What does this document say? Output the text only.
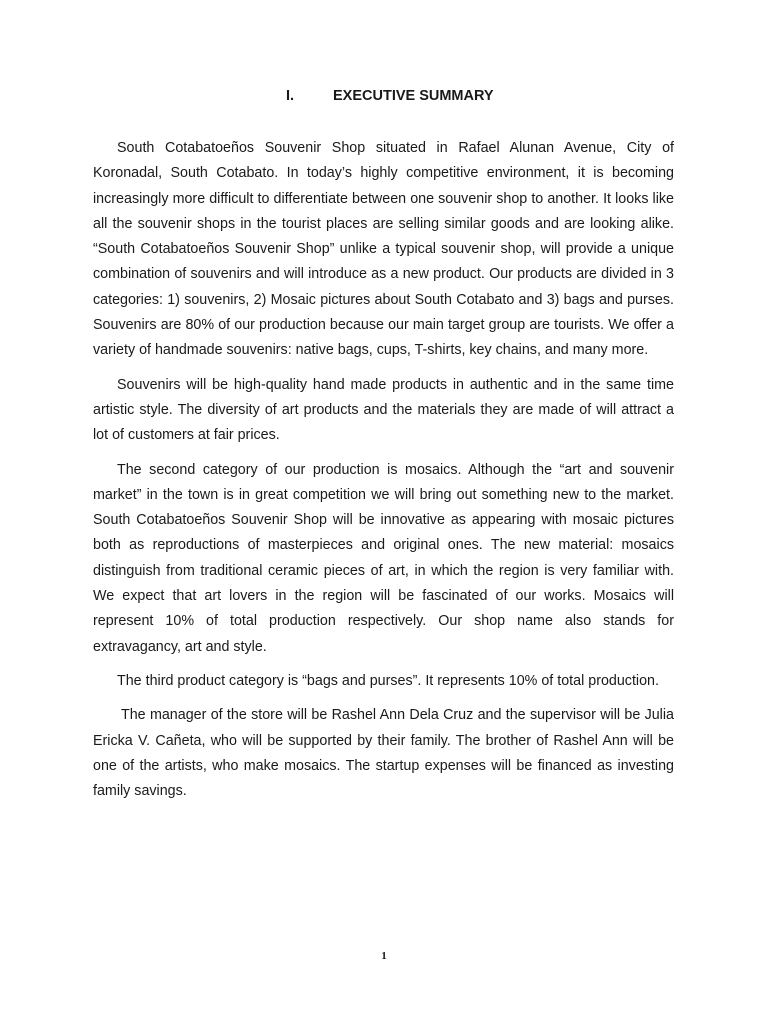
I.	EXECUTIVE SUMMARY

South Cotabatoeños Souvenir Shop situated in Rafael Alunan Avenue, City of Koronadal, South Cotabato. In today’s highly competitive environment, it is becoming increasingly more difficult to differentiate between one souvenir shop to another. It looks like all the souvenir shops in the tourist places are selling similar goods and are looking alike. “South Cotabatoeños Souvenir Shop” unlike a typical souvenir shop, will provide a unique combination of souvenirs and will introduce as a new product. Our products are divided in 3 categories: 1) souvenirs, 2) Mosaic pictures about South Cotabato and 3) bags and purses. Souvenirs are 80% of our production because our main target group are tourists. We offer a variety of handmade souvenirs: native bags, cups, T-shirts, key chains, and many more.

Souvenirs will be high-quality hand made products in authentic and in the same time artistic style. The diversity of art products and the materials they are made of will attract a lot of customers at fair prices.

The second category of our production is mosaics. Although the “art and souvenir market” in the town is in great competition we will bring out something new to the market. South Cotabatoeños Souvenir Shop will be innovative as appearing with mosaic pictures both as reproductions of masterpieces and original ones. The new material: mosaics distinguish from traditional ceramic pieces of art, in which the region is very familiar with. We expect that art lovers in the region will be fascinated of our works. Mosaics will represent 10% of total production respectively. Our shop name also stands for extravagancy, art and style.

The third product category is “bags and purses”. It represents 10% of total production.

The manager of the store will be Rashel Ann Dela Cruz and the supervisor will be Julia Ericka V. Cañeta, who will be supported by their family. The brother of Rashel Ann will be one of the artists, who make mosaics. The startup expenses will be financed as investing family savings.

1
